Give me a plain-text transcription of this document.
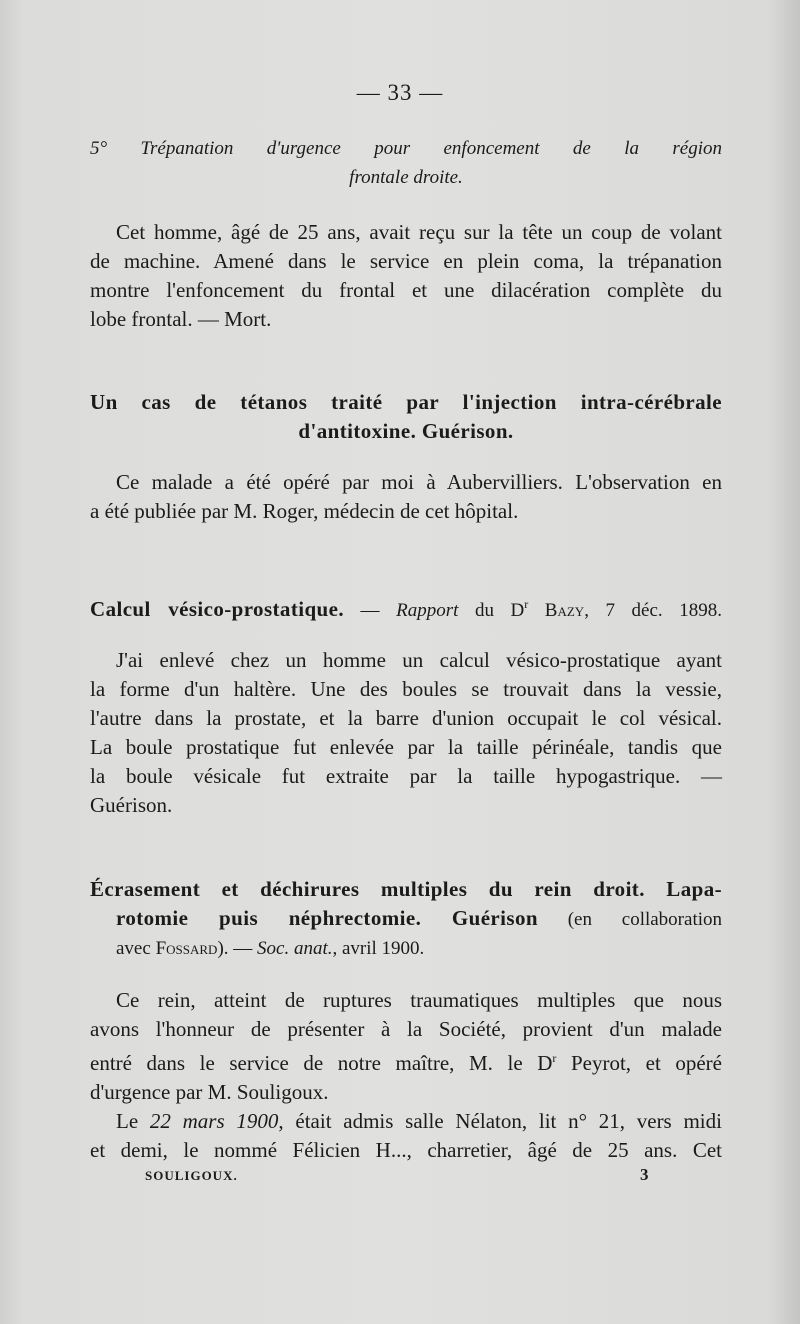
— 33 —
5° Trépanation d'urgence pour enfoncement de la région
frontale droite.
Cet homme, âgé de 25 ans, avait reçu sur la tête un coup de volant
de machine. Amené dans le service en plein coma, la trépanation
montre l'enfoncement du frontal et une dilacération complète du
lobe frontal. — Mort.
Un cas de tétanos traité par l'injection intra-cérébrale
d'antitoxine. Guérison.
Ce malade a été opéré par moi à Aubervilliers. L'observation en
a été publiée par M. Roger, médecin de cet hôpital.
Calcul vésico-prostatique. — Rapport du $D^r$ Bazy, 7 déc. 1898.
J'ai enlevé chez un homme un calcul vésico-prostatique ayant
la forme d'un haltère. Une des boules se trouvait dans la vessie,
l'autre dans la prostate, et la barre d'union occupait le col vésical.
La boule prostatique fut enlevée par la taille périnéale, tandis que
la boule vésicale fut extraite par la taille hypogastrique. —
Guérison.
Écrasement et déchirures multiples du rein droit. Lapa-
rotomie puis néphrectomie. Guérison (en collaboration
avec Fossard). — Soc. anat., avril 1900.
Ce rein, atteint de ruptures traumatiques multiples que nous
avons l'honneur de présenter à la Société, provient d'un malade
entré dans le service de notre maître, M. le $D^r$ Peyrot, et opéré
d'urgence par M. Souligoux.
Le 22 mars 1900, était admis salle Nélaton, lit n° 21, vers midi
et demi, le nommé Félicien H..., charretier, âgé de 25 ans. Cet
SOULIGOUX.	3
